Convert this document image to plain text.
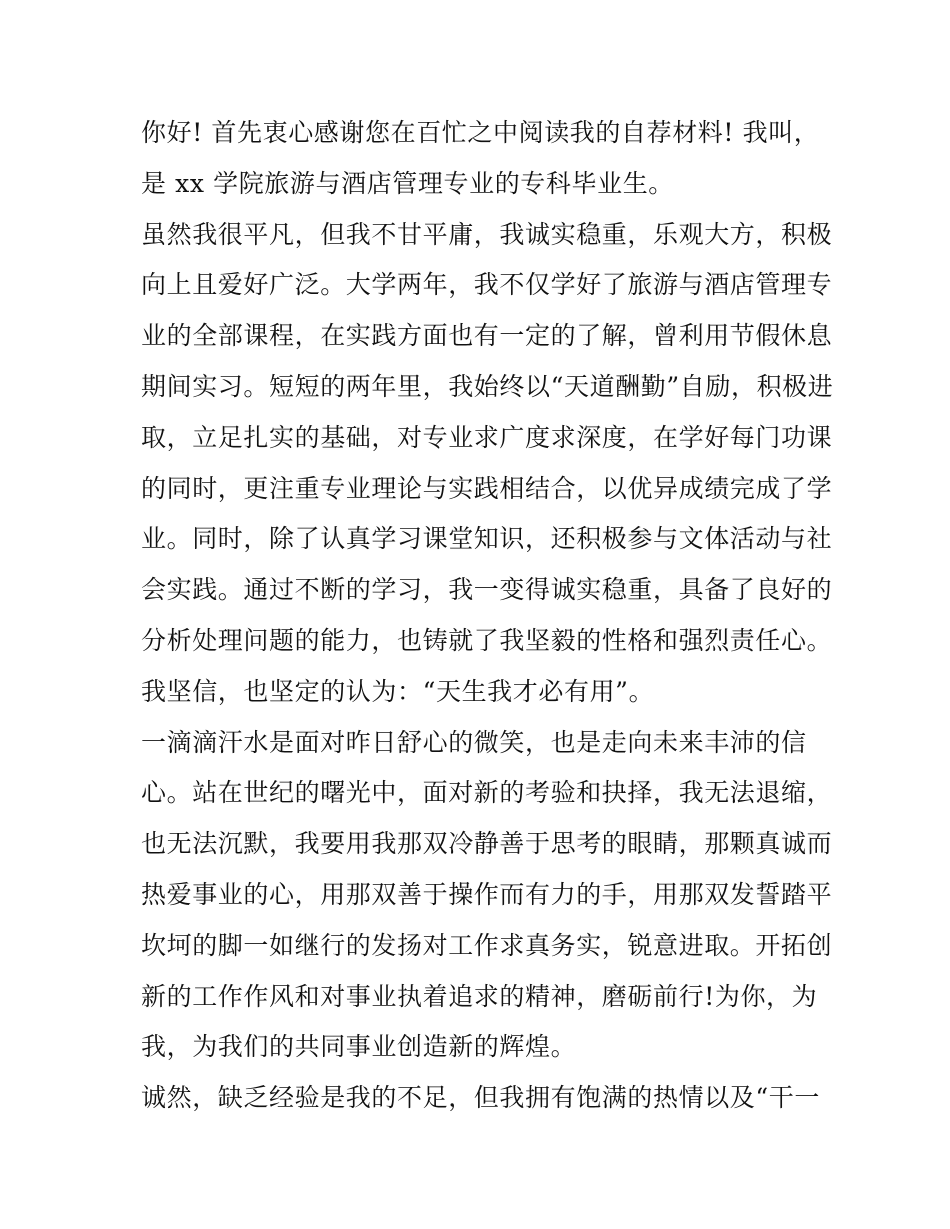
你好! 首先衷心感谢您在百忙之中阅读我的自荐材料! 我叫，
是 xx 学院旅游与酒店管理专业的专科毕业生。
虽然我很平凡，但我不甘平庸，我诚实稳重，乐观大方，积极
向上且爱好广泛。大学两年，我不仅学好了旅游与酒店管理专
业的全部课程，在实践方面也有一定的了解，曾利用节假休息
期间实习。短短的两年里，我始终以“天道酬勤”自励，积极进
取，立足扎实的基础，对专业求广度求深度，在学好每门功课
的同时，更注重专业理论与实践相结合，以优异成绩完成了学
业。同时，除了认真学习课堂知识，还积极参与文体活动与社
会实践。通过不断的学习，我一变得诚实稳重，具备了良好的
分析处理问题的能力，也铸就了我坚毅的性格和强烈责任心。
我坚信，也坚定的认为：“天生我才必有用”。
一滴滴汗水是面对昨日舒心的微笑，也是走向未来丰沛的信
心。站在世纪的曙光中，面对新的考验和抉择，我无法退缩，
也无法沉默，我要用我那双冷静善于思考的眼睛，那颗真诚而
热爱事业的心，用那双善于操作而有力的手，用那双发誓踏平
坎坷的脚一如继行的发扬对工作求真务实，锐意进取。开拓创
新的工作作风和对事业执着追求的精神，磨砺前行!为你，为
我，为我们的共同事业创造新的辉煌。
诚然，缺乏经验是我的不足，但我拥有饱满的热情以及“干一
